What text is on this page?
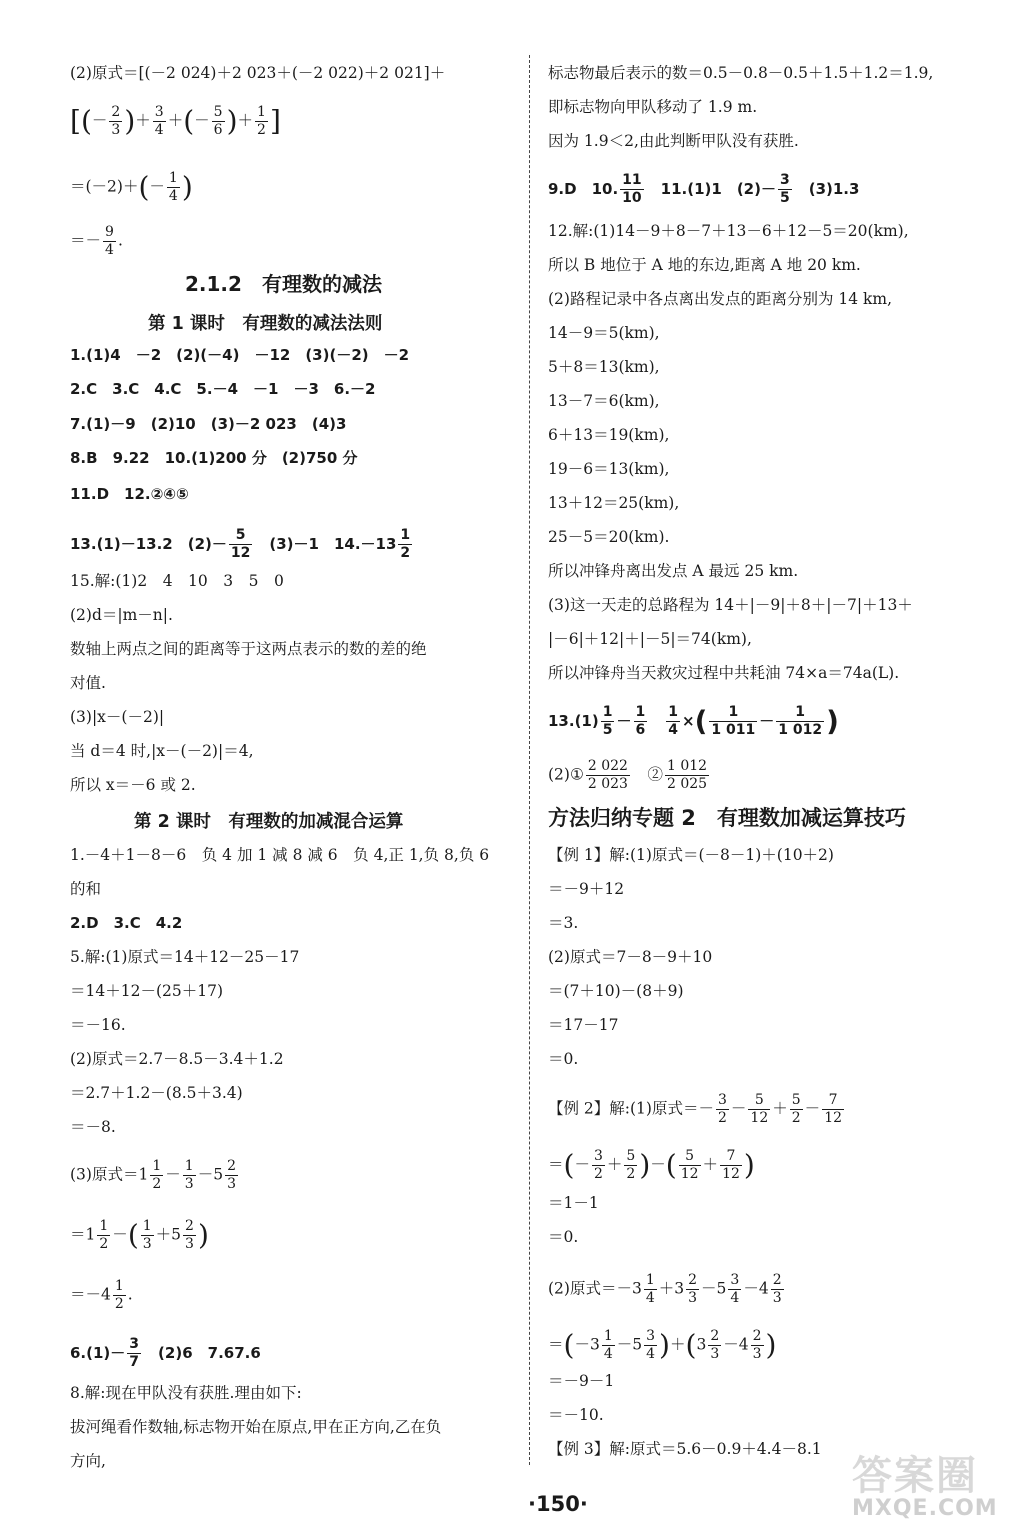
(2)原式＝[(－2 024)＋2 023＋(－2 022)＋2 021]＋
[(－ $\frac{2}{3}$ )＋ $\frac{3}{4}$ ＋(－ $\frac{5}{6}$ )＋ $\frac{1}{2}$ ]
$=(-2)+(- \frac{1}{4}$ )
＝－ $\frac{9}{4}$ .
2.1.2　有理数的减法
第 1 课时　有理数的减法法则
1.(1)4　－2　(2)(－4)　－12　(3)(－2)　－2
2.C　3.C　4.C　5.－4　－1　－3　6.－2
7.(1)－9　(2)10　(3)－2 023　(4)3
8.B　9.22　10.(1)200 分　(2)750 分
11.D　12.②④⑤
13.(1)－13.2　$(2)- \frac{5}{12}$ 　(3)－1　$14.-13 \frac{1}{2}$
15.解:(1)2　4　10　3　5　0
(2)d＝|m－n|.
数轴上两点之间的距离等于这两点表示的数的差的绝
对值.
(3)|x－(－2)|
当 d＝4 时,|x－(－2)|＝4,
所以 x＝－6 或 2.
第 2 课时　有理数的加减混合运算
1.－4＋1－8－6　负 4 加 1 减 8 减 6　负 4,正 1,负 8,负 6
的和
2.D　3.C　4.2
5.解:(1)原式＝14＋12－25－17
＝14＋12－(25＋17)
＝－16.
(2)原式＝2.7－8.5－3.4＋1.2
＝2.7＋1.2－(8.5＋3.4)
＝－8.
(3)原式$=1 \frac{1}{2} - \frac{1}{3} -5 \frac{2}{3}$
$=1 \frac{1}{2}$ －( $\frac{1}{3} +5 \frac{2}{3}$ )
$=-4 \frac{1}{2}$ .
$6.(1)- \frac{3}{7}$ 　(2)6　7.67.6
8.解:现在甲队没有获胜.理由如下:
拔河绳看作数轴,标志物开始在原点,甲在正方向,乙在负
方向,
标志物最后表示的数＝0.5－0.8－0.5＋1.5＋1.2＝1.9,
即标志物向甲队移动了 1.9 m.
因为 1.9＜2,由此判断甲队没有获胜.
9.D　10. $\frac{11}{10}$ 　11.(1)1　$(2)- \frac{3}{5}$ 　(3)1.3
12.解:(1)14－9＋8－7＋13－6＋12－5＝20(km),
所以 B 地位于 A 地的东边,距离 A 地 20 km.
(2)路程记录中各点离出发点的距离分别为 14 km,
14－9＝5(km),
5＋8＝13(km),
13－7＝6(km),
6＋13＝19(km),
19－6＝13(km),
13＋12＝25(km),
25－5＝20(km).
所以冲锋舟离出发点 A 最远 25 km.
(3)这一天走的总路程为 14＋|－9|＋8＋|－7|＋13＋
|－6|＋12|＋|－5|＝74(km),
所以冲锋舟当天救灾过程中共耗油 74×a＝74a(L).
$13.(1) \frac{1}{5} - \frac{1}{6}$
　 $\frac{1}{4}$ ×( $\frac{1}{1 011} - \frac{1}{1 012}$ )
(2)① $\frac{2 022}{2 023}$ 　② $\frac{1 012}{2 025}$
方法归纳专题 2　有理数加减运算技巧
【例 1】解:(1)原式＝(－8－1)＋(10＋2)
＝－9＋12
＝3.
(2)原式＝7－8－9＋10
＝(7＋10)－(8＋9)
＝17－17
＝0.
【例 2】解:(1)原式＝－ $\frac{3}{2} - \frac{5}{12} + \frac{5}{2} - \frac{7}{12}$
＝(－ $\frac{3}{2} + \frac{5}{2}$ )－( $\frac{5}{12} + \frac{7}{12}$ )
＝1－1
＝0.
(2)原式$=-3 \frac{1}{4} +3 \frac{2}{3} -5 \frac{3}{4} -4 \frac{2}{3}$
$=(-3 \frac{1}{4} -5 \frac{3}{4} )+(3 \frac{2}{3} -4 \frac{2}{3}$ )
＝－9－1
＝－10.
【例 3】解:原式＝5.6－0.9＋4.4－8.1
·150·
答案圈
MXQE.COM
